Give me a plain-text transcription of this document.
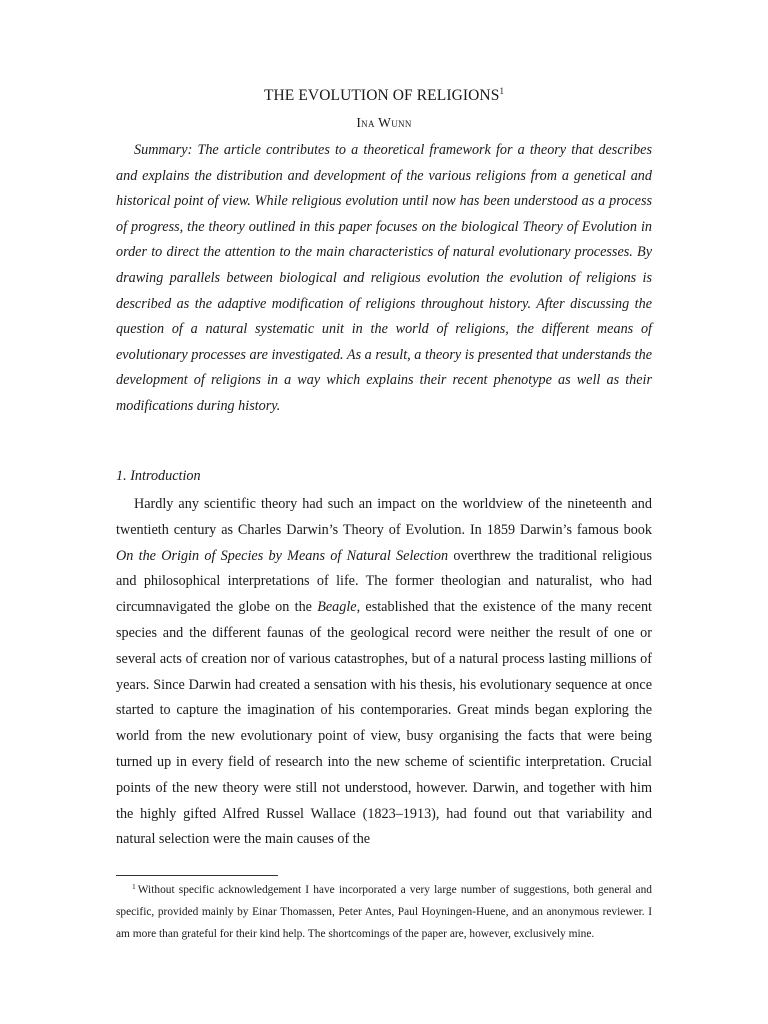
THE EVOLUTION OF RELIGIONS$^1$
Ina Wunn

Summary: The article contributes to a theoretical framework for a theory that describes and explains the distribution and development of the various religions from a genetical and historical point of view. While religious evolution until now has been understood as a process of progress, the theory outlined in this paper focuses on the biological Theory of Evolution in order to direct the attention to the main characteristics of natural evolutionary processes. By drawing parallels between biological and religious evolution the evolution of religions is described as the adaptive modification of religions throughout history. After discussing the question of a natural systematic unit in the world of religions, the different means of evolutionary processes are investigated. As a result, a theory is presented that understands the development of religions in a way which explains their recent phenotype as well as their modifications during history.

1. Introduction

Hardly any scientific theory had such an impact on the worldview of the nineteenth and twentieth century as Charles Darwin’s Theory of Evolution. In 1859 Darwin’s famous book On the Origin of Species by Means of Natural Selection overthrew the traditional religious and philosophical interpretations of life. The former theologian and naturalist, who had circumnavigated the globe on the Beagle, established that the existence of the many recent species and the different faunas of the geological record were neither the result of one or several acts of creation nor of various catastrophes, but of a natural process lasting millions of years. Since Darwin had created a sensation with his thesis, his evolutionary sequence at once started to capture the imagination of his contemporaries. Great minds began exploring the world from the new evolutionary point of view, busy organising the facts that were being turned up in every field of research into the new scheme of scientific interpretation. Crucial points of the new theory were still not understood, however. Darwin, and together with him the highly gifted Alfred Russel Wallace (1823–1913), had found out that variability and natural selection were the main causes of the

$^1$ Without specific acknowledgement I have incorporated a very large number of suggestions, both general and specific, provided mainly by Einar Thomassen, Peter Antes, Paul Hoyningen-Huene, and an anonymous reviewer. I am more than grateful for their kind help. The shortcomings of the paper are, however, exclusively mine.
